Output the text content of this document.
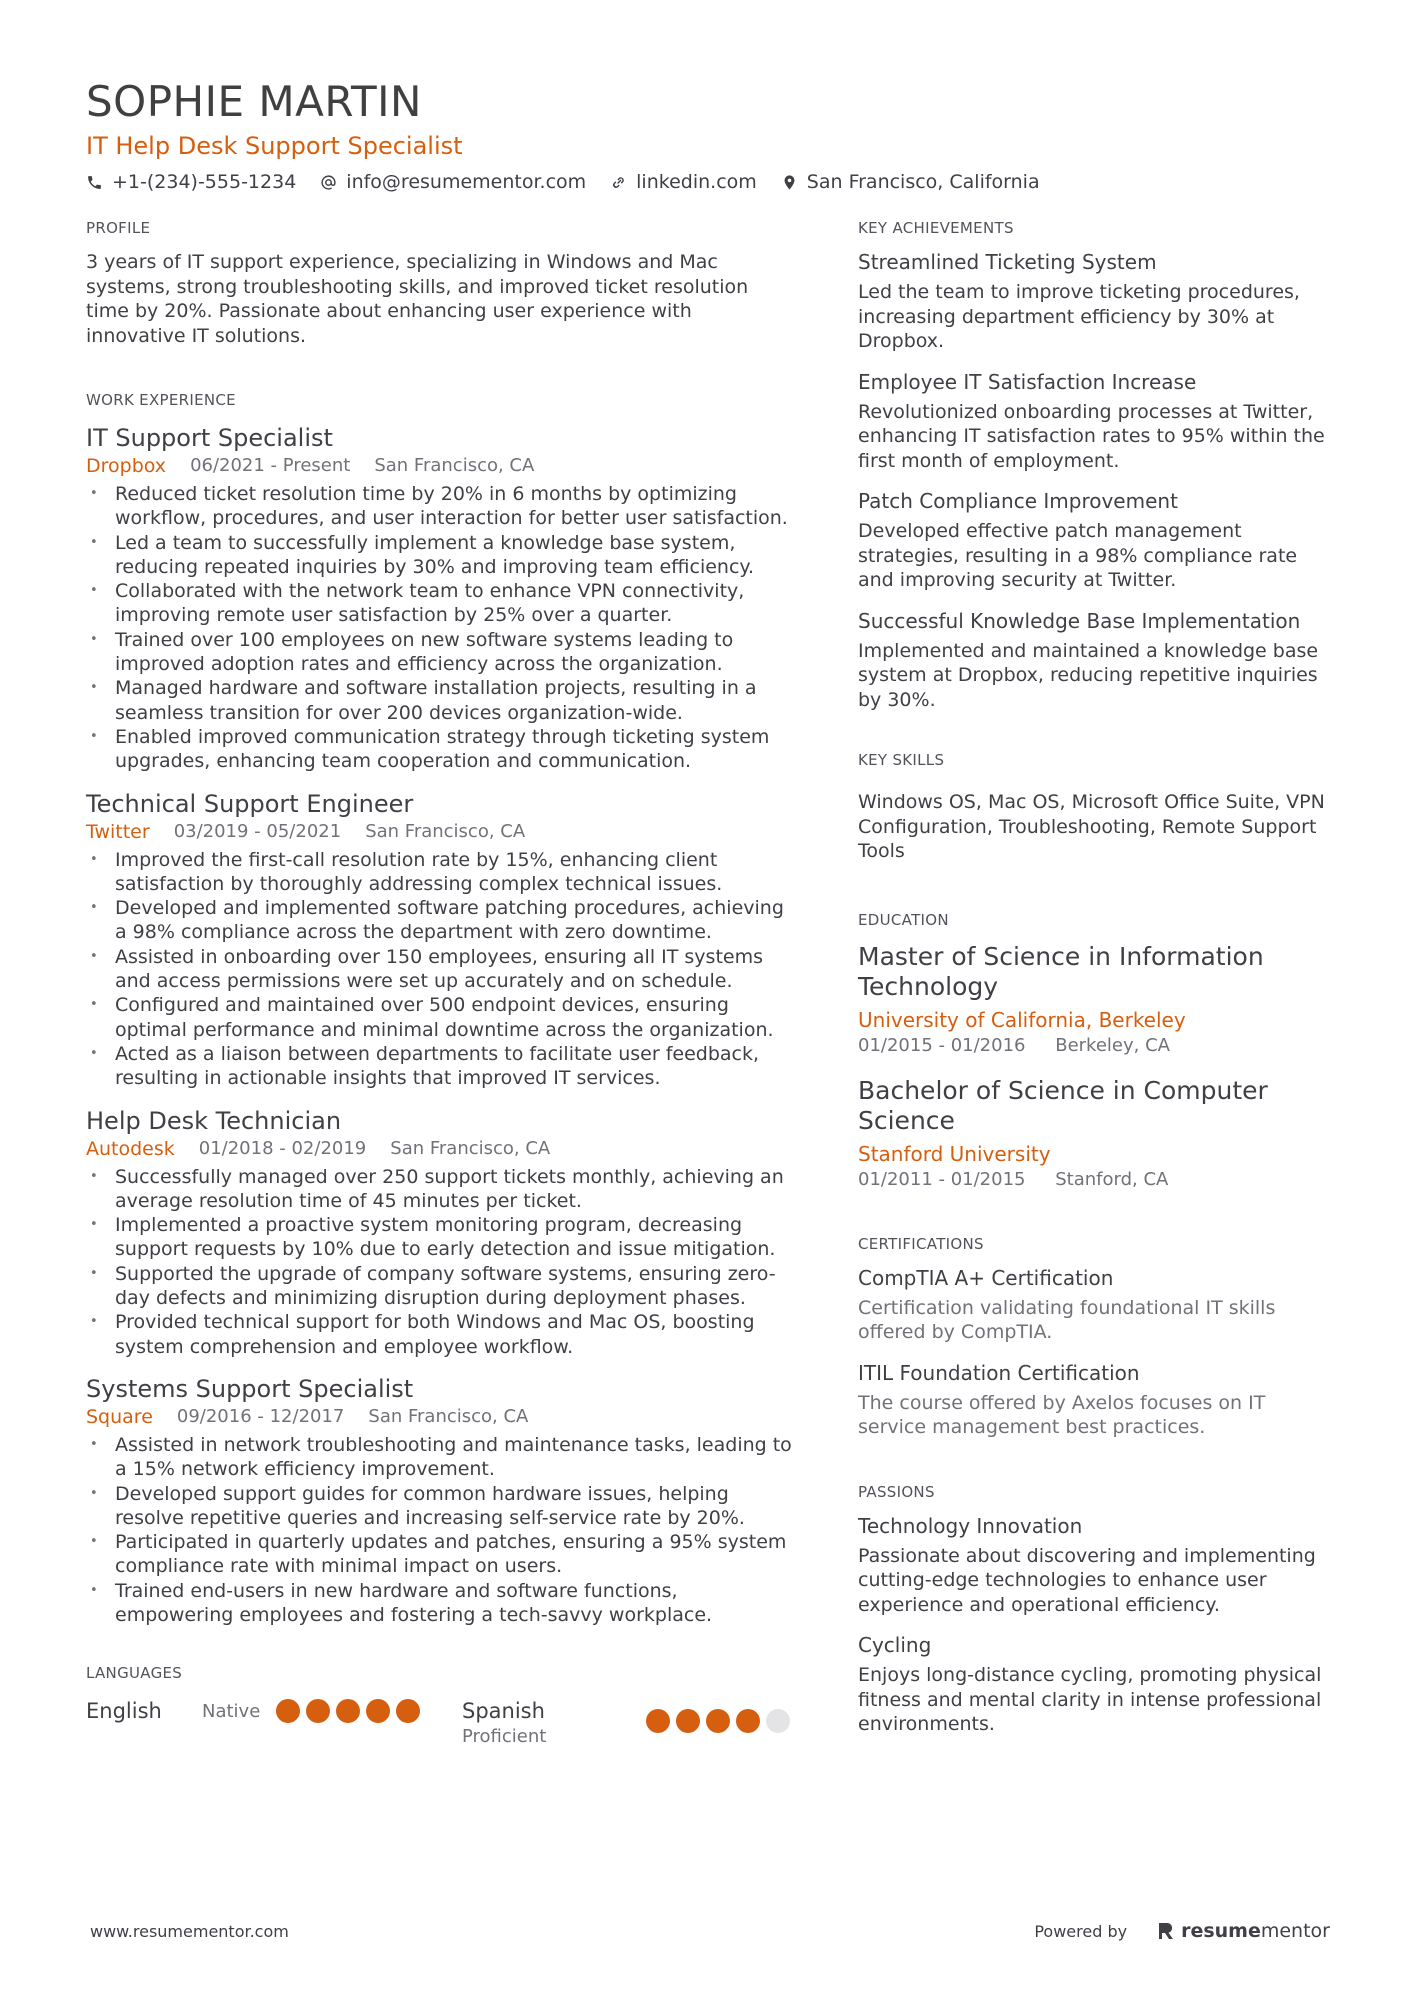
SOPHIE MARTIN
IT Help Desk Support Specialist
+1-(234)-555-1234	info@resumementor.com	linkedin.com	San Francisco, California
PROFILE
3 years of IT support experience, specializing in Windows and Mac systems, strong troubleshooting skills, and improved ticket resolution time by 20%. Passionate about enhancing user experience with innovative IT solutions.
WORK EXPERIENCE
IT Support Specialist
Dropbox 06/2021 - Present San Francisco, CA
• Reduced ticket resolution time by 20% in 6 months by optimizing workflow, procedures, and user interaction for better user satisfaction.
• Led a team to successfully implement a knowledge base system, reducing repeated inquiries by 30% and improving team efficiency.
• Collaborated with the network team to enhance VPN connectivity, improving remote user satisfaction by 25% over a quarter.
• Trained over 100 employees on new software systems leading to improved adoption rates and efficiency across the organization.
• Managed hardware and software installation projects, resulting in a seamless transition for over 200 devices organization-wide.
• Enabled improved communication strategy through ticketing system upgrades, enhancing team cooperation and communication.
Technical Support Engineer
Twitter 03/2019 - 05/2021 San Francisco, CA
• Improved the first-call resolution rate by 15%, enhancing client satisfaction by thoroughly addressing complex technical issues.
• Developed and implemented software patching procedures, achieving a 98% compliance across the department with zero downtime.
• Assisted in onboarding over 150 employees, ensuring all IT systems and access permissions were set up accurately and on schedule.
• Configured and maintained over 500 endpoint devices, ensuring optimal performance and minimal downtime across the organization.
• Acted as a liaison between departments to facilitate user feedback, resulting in actionable insights that improved IT services.
Help Desk Technician
Autodesk 01/2018 - 02/2019 San Francisco, CA
• Successfully managed over 250 support tickets monthly, achieving an average resolution time of 45 minutes per ticket.
• Implemented a proactive system monitoring program, decreasing support requests by 10% due to early detection and issue mitigation.
• Supported the upgrade of company software systems, ensuring zero-day defects and minimizing disruption during deployment phases.
• Provided technical support for both Windows and Mac OS, boosting system comprehension and employee workflow.
Systems Support Specialist
Square 09/2016 - 12/2017 San Francisco, CA
• Assisted in network troubleshooting and maintenance tasks, leading to a 15% network efficiency improvement.
• Developed support guides for common hardware issues, helping resolve repetitive queries and increasing self-service rate by 20%.
• Participated in quarterly updates and patches, ensuring a 95% system compliance rate with minimal impact on users.
• Trained end-users in new hardware and software functions, empowering employees and fostering a tech-savvy workplace.
LANGUAGES
English	Native	Spanish
Proficient
KEY ACHIEVEMENTS
Streamlined Ticketing System
Led the team to improve ticketing procedures, increasing department efficiency by 30% at Dropbox.
Employee IT Satisfaction Increase
Revolutionized onboarding processes at Twitter, enhancing IT satisfaction rates to 95% within the first month of employment.
Patch Compliance Improvement
Developed effective patch management strategies, resulting in a 98% compliance rate and improving security at Twitter.
Successful Knowledge Base Implementation
Implemented and maintained a knowledge base system at Dropbox, reducing repetitive inquiries by 30%.
KEY SKILLS
Windows OS, Mac OS, Microsoft Office Suite, VPN Configuration, Troubleshooting, Remote Support Tools
EDUCATION
Master of Science in Information Technology
University of California, Berkeley
01/2015 - 01/2016 Berkeley, CA
Bachelor of Science in Computer Science
Stanford University
01/2011 - 01/2015 Stanford, CA
CERTIFICATIONS
CompTIA A+ Certification
Certification validating foundational IT skills offered by CompTIA.
ITIL Foundation Certification
The course offered by Axelos focuses on IT service management best practices.
PASSIONS
Technology Innovation
Passionate about discovering and implementing cutting-edge technologies to enhance user experience and operational efficiency.
Cycling
Enjoys long-distance cycling, promoting physical fitness and mental clarity in intense professional environments.
www.resumementor.com	Powered by	resume mentor
